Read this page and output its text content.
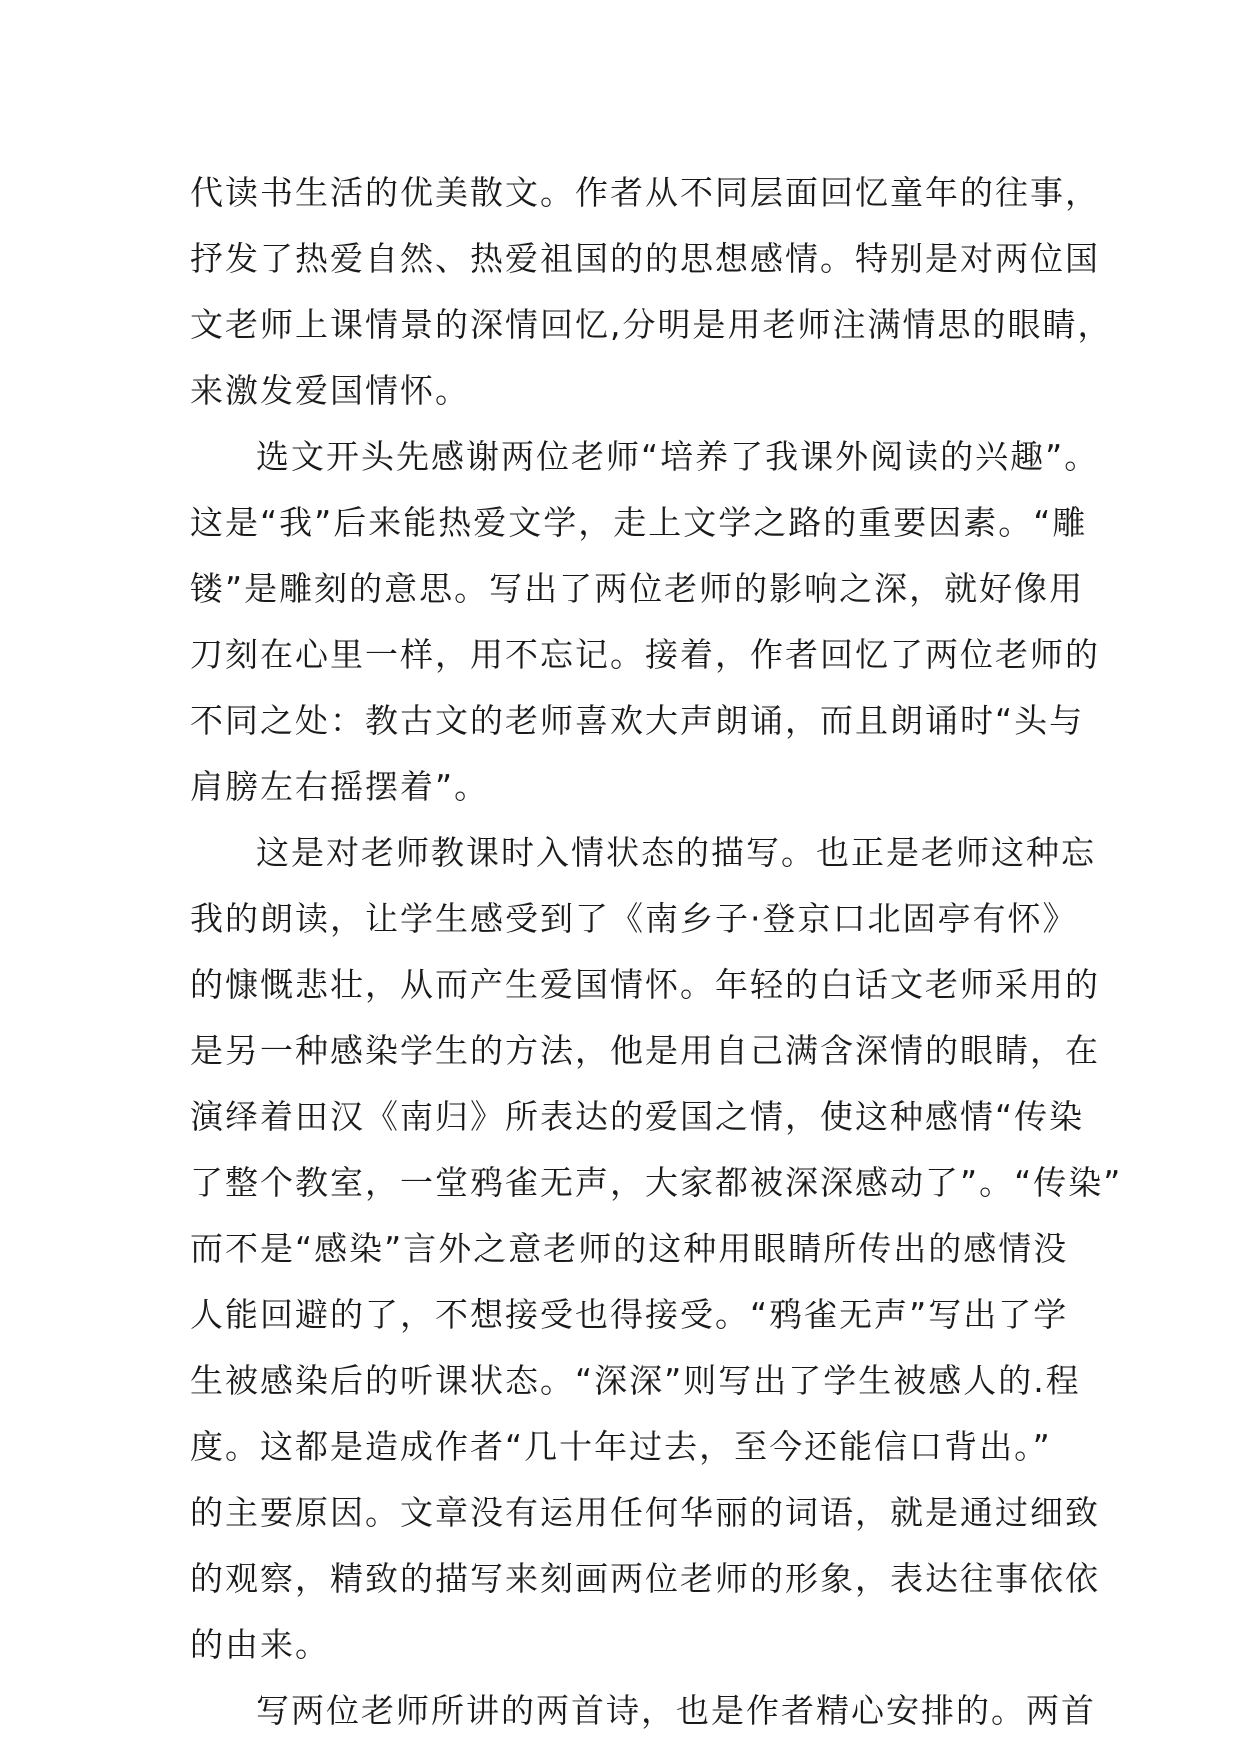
代读书生活的优美散文。作者从不同层面回忆童年的往事，
抒发了热爱自然、热爱祖国的的思想感情。特别是对两位国
文老师上课情景的深情回忆,分明是用老师注满情思的眼睛，
来激发爱国情怀。
选文开头先感谢两位老师“培养了我课外阅读的兴趣”。
这是“我”后来能热爱文学，走上文学之路的重要因素。“雕
镂”是雕刻的意思。写出了两位老师的影响之深，就好像用
刀刻在心里一样，用不忘记。接着，作者回忆了两位老师的
不同之处：教古文的老师喜欢大声朗诵，而且朗诵时“头与
肩膀左右摇摆着”。
这是对老师教课时入情状态的描写。也正是老师这种忘
我的朗读，让学生感受到了《南乡子·登京口北固亭有怀》
的慷慨悲壮，从而产生爱国情怀。年轻的白话文老师采用的
是另一种感染学生的方法，他是用自己满含深情的眼睛，在
演绎着田汉《南归》所表达的爱国之情，使这种感情“传染
了整个教室，一堂鸦雀无声，大家都被深深感动了”。“传染”
而不是“感染”言外之意老师的这种用眼睛所传出的感情没
人能回避的了，不想接受也得接受。“鸦雀无声”写出了学
生被感染后的听课状态。“深深”则写出了学生被感人的.程
度。这都是造成作者“几十年过去，至今还能信口背出。”
的主要原因。文章没有运用任何华丽的词语，就是通过细致
的观察，精致的描写来刻画两位老师的形象，表达往事依依
的由来。
写两位老师所讲的两首诗，也是作者精心安排的。两首
